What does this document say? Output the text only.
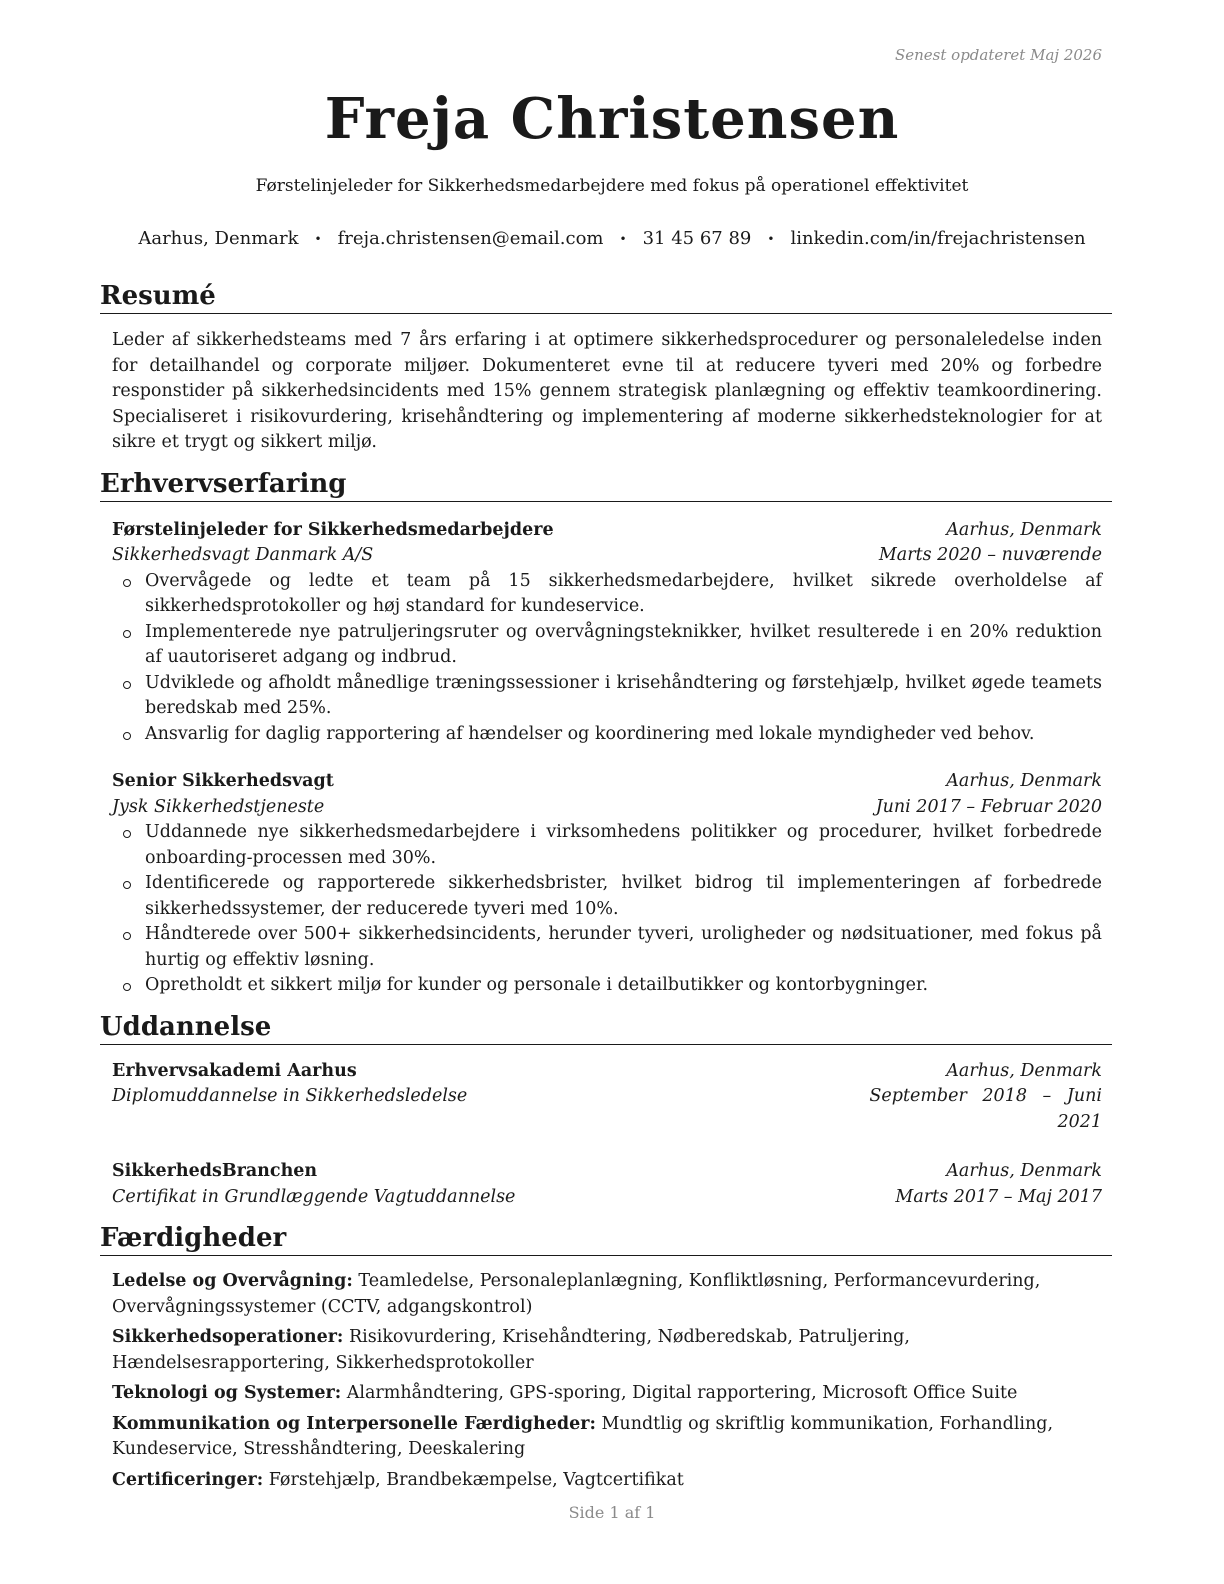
Senest opdateret Maj 2026
Freja Christensen
Førstelinjeleder for Sikkerhedsmedarbejdere med fokus på operationel effektivitet
Aarhus, Denmark • freja.christensen@email.com • 31 45 67 89 • linkedin.com/in/frejachristensen
Resumé
Leder af sikkerhedsteams med 7 års erfaring i at optimere sikkerhedsprocedurer og personaleledelse inden for detailhandel og corporate miljøer. Dokumenteret evne til at reducere tyveri med 20% og forbedre responstider på sikkerhedsincidents med 15% gennem strategisk planlægning og effektiv teamkoordinering. Specialiseret i risikovurdering, krisehåndtering og implementering af moderne sikkerhedsteknologier for at sikre et trygt og sikkert miljø.
Erhvervserfaring
Førstelinjeleder for Sikkerhedsmedarbejdere	Aarhus, Denmark
Sikkerhedsvagt Danmark A/S	Marts 2020 – nuværende
Overvågede og ledte et team på 15 sikkerhedsmedarbejdere, hvilket sikrede overholdelse af sikkerhedsprotokoller og høj standard for kundeservice.
Implementerede nye patruljeringsruter og overvågningsteknikker, hvilket resulterede i en 20% reduktion af uautoriseret adgang og indbrud.
Udviklede og afholdt månedlige træningssessioner i krisehåndtering og førstehjælp, hvilket øgede teamets beredskab med 25%.
Ansvarlig for daglig rapportering af hændelser og koordinering med lokale myndigheder ved behov.
Senior Sikkerhedsvagt	Aarhus, Denmark
Jysk Sikkerhedstjeneste	Juni 2017 – Februar 2020
Uddannede nye sikkerhedsmedarbejdere i virksomhedens politikker og procedurer, hvilket forbedrede onboarding-processen med 30%.
Identificerede og rapporterede sikkerhedsbrister, hvilket bidrog til implementeringen af forbedrede sikkerhedssystemer, der reducerede tyveri med 10%.
Håndterede over 500+ sikkerhedsincidents, herunder tyveri, uroligheder og nødsituationer, med fokus på hurtig og effektiv løsning.
Opretholdt et sikkert miljø for kunder og personale i detailbutikker og kontorbygninger.
Uddannelse
Erhvervsakademi Aarhus	Aarhus, Denmark
Diplomuddannelse in Sikkerhedsledelse	September 2018 – Juni
2021
SikkerhedsBranchen	Aarhus, Denmark
Certifikat in Grundlæggende Vagtuddannelse	Marts 2017 – Maj 2017
Færdigheder
Ledelse og Overvågning: Teamledelse, Personaleplanlægning, Konfliktløsning, Performancevurdering, Overvågningssystemer (CCTV, adgangskontrol)
Sikkerhedsoperationer: Risikovurdering, Krisehåndtering, Nødberedskab, Patruljering, Hændelsesrapportering, Sikkerhedsprotokoller
Teknologi og Systemer: Alarmhåndtering, GPS-sporing, Digital rapportering, Microsoft Office Suite
Kommunikation og Interpersonelle Færdigheder: Mundtlig og skriftlig kommunikation, Forhandling, Kundeservice, Stresshåndtering, Deeskalering
Certificeringer: Førstehjælp, Brandbekæmpelse, Vagtcertifikat
Side 1 af 1
